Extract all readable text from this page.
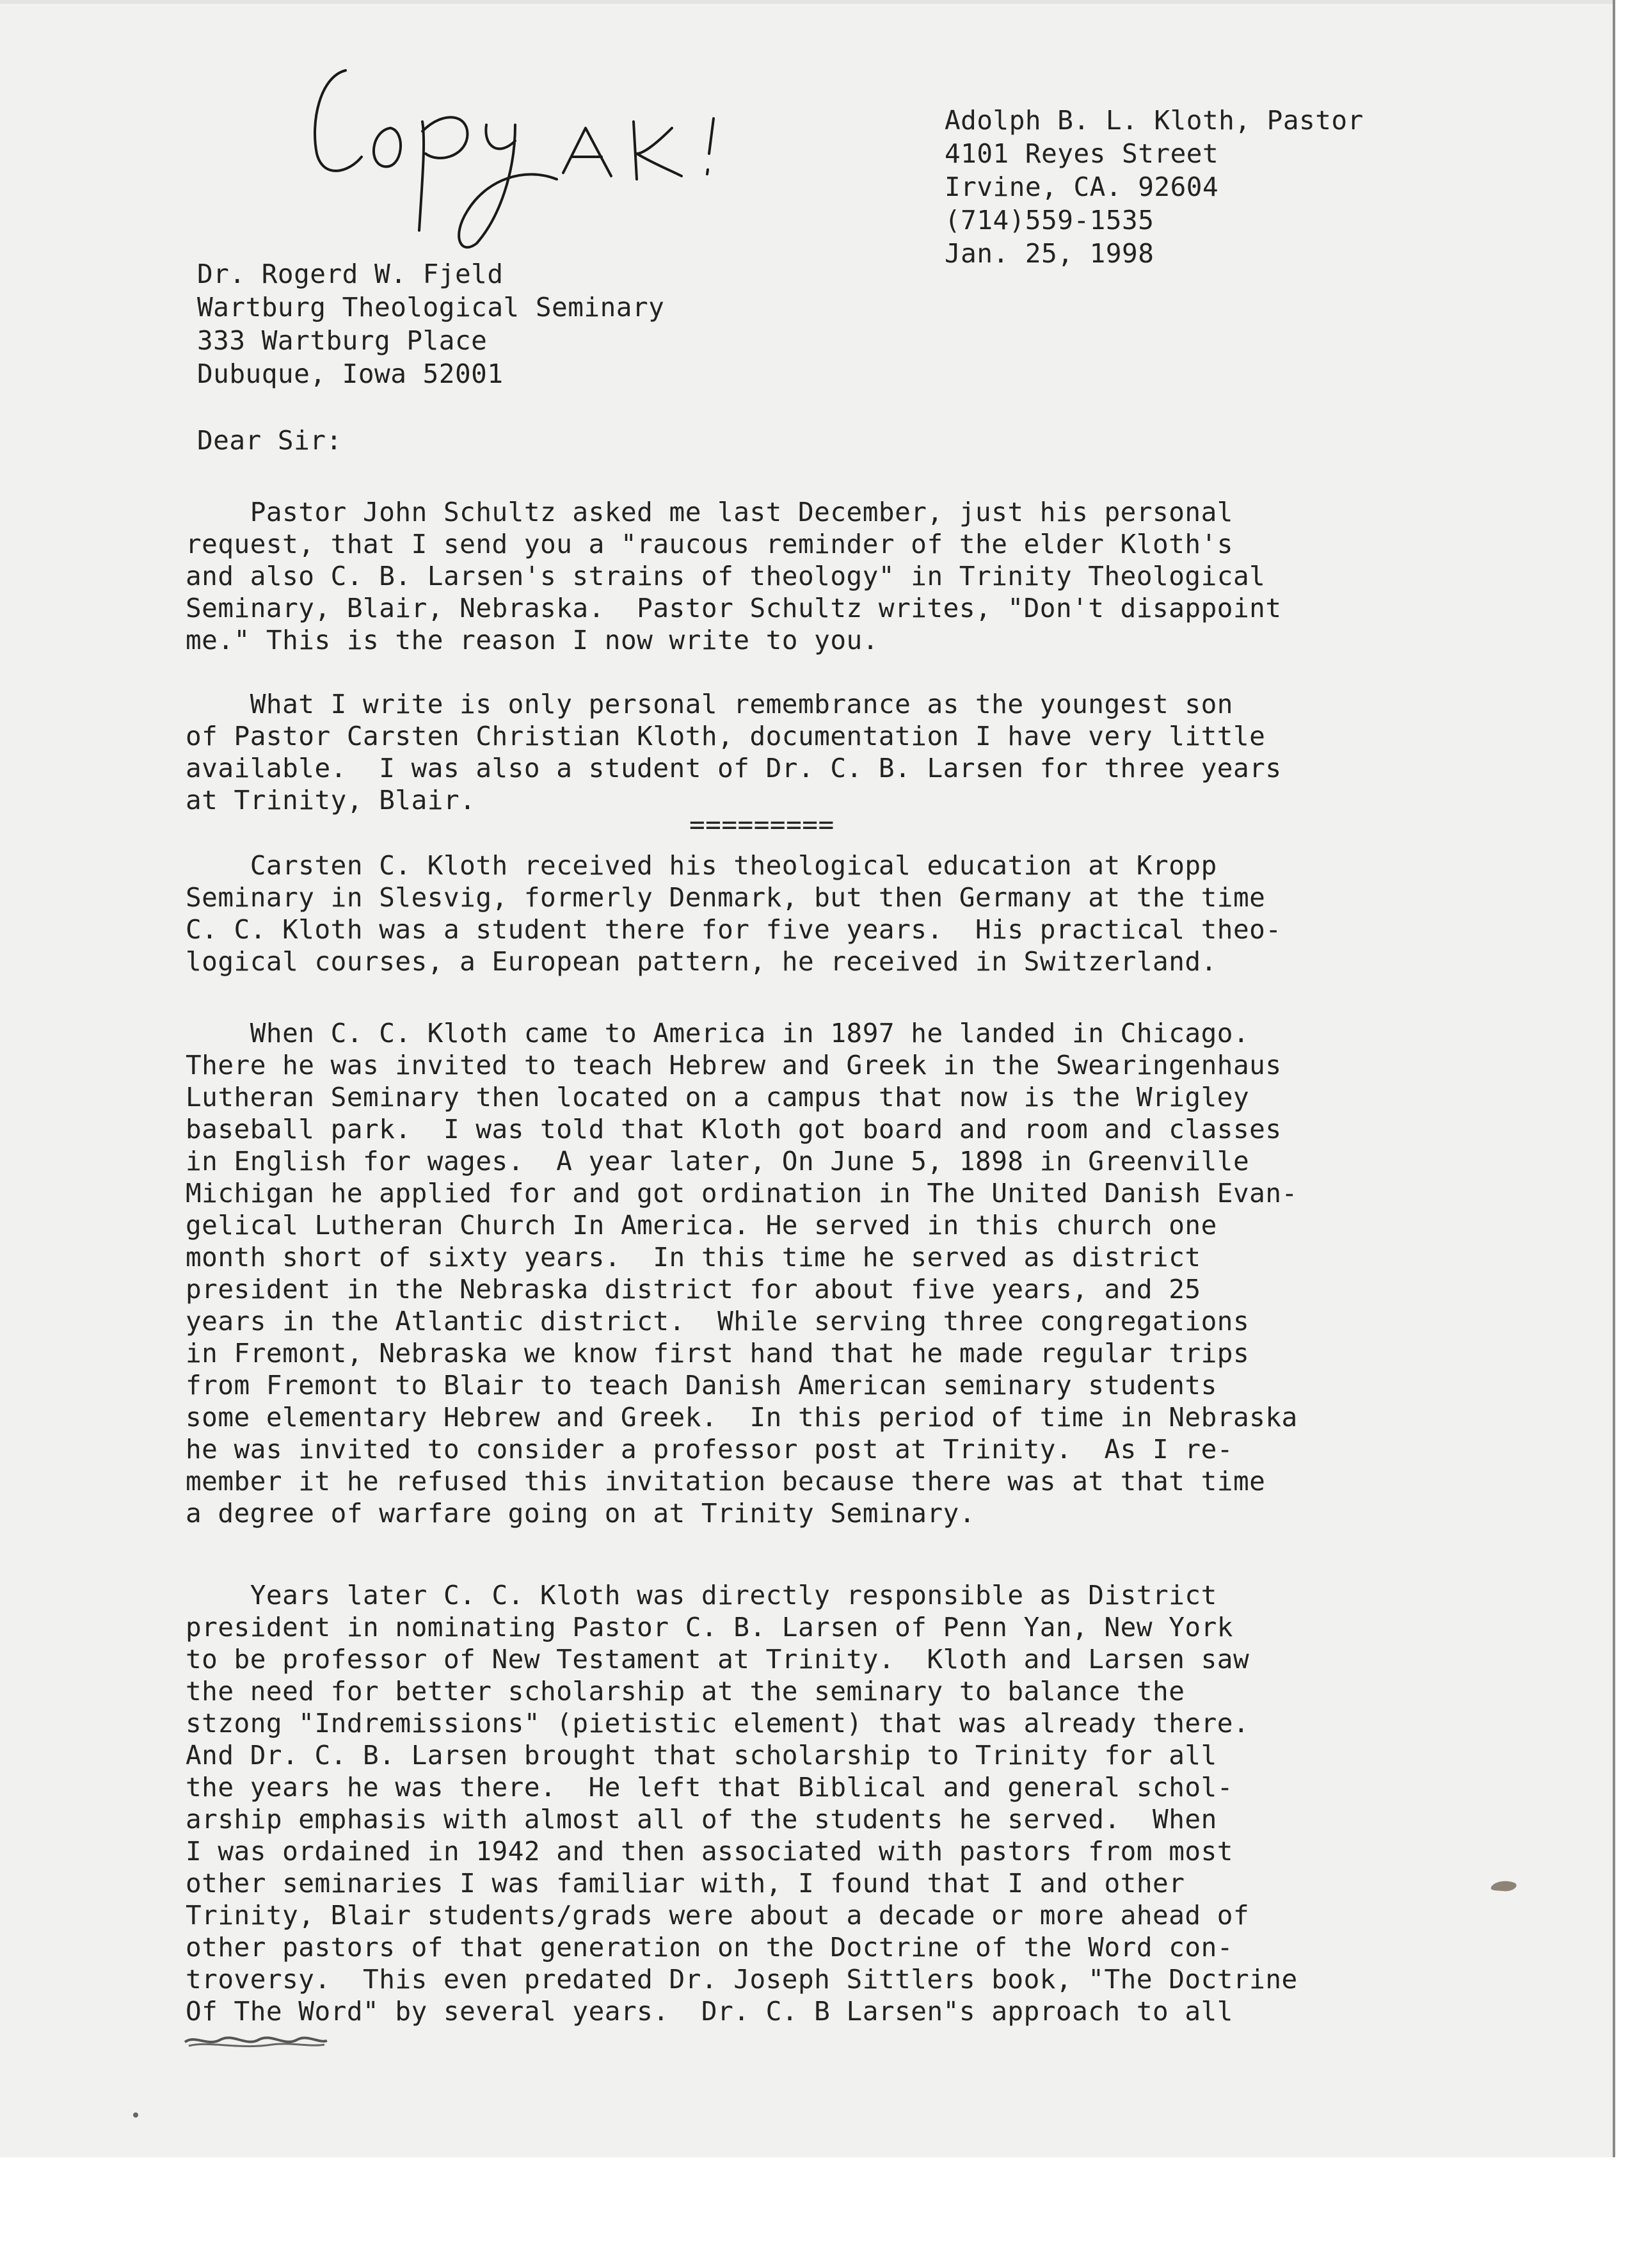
Adolph B. L. Kloth, Pastor

4101 Reyes Street

Irvine, CA. 92604

(714)559-1535

Jan. 25, 1998

Dr. Rogerd W. Fjeld

Wartburg Theological Seminary

333 Wartburg Place

Dubuque, Iowa 52001

Dear Sir:

Pastor John Schultz asked me last December, just his personal

request, that I send you a "raucous reminder of the elder Kloth's

and also C. B. Larsen's strains of theology" in Trinity Theological

Seminary, Blair, Nebraska.  Pastor Schultz writes, "Don't disappoint

me." This is the reason I now write to you.

What I write is only personal remembrance as the youngest son

of Pastor Carsten Christian Kloth, documentation I have very little

available.  I was also a student of Dr. C. B. Larsen for three years

at Trinity, Blair.

Carsten C. Kloth received his theological education at Kropp

Seminary in Slesvig, formerly Denmark, but then Germany at the time

C. C. Kloth was a student there for five years.  His practical theo-

logical courses, a European pattern, he received in Switzerland.

When C. C. Kloth came to America in 1897 he landed in Chicago.

There he was invited to teach Hebrew and Greek in the Swearingenhaus

Lutheran Seminary then located on a campus that now is the Wrigley

baseball park.  I was told that Kloth got board and room and classes

in English for wages.  A year later, On June 5, 1898 in Greenville

Michigan he applied for and got ordination in The United Danish Evan-

gelical Lutheran Church In America. He served in this church one

month short of sixty years.  In this time he served as district

president in the Nebraska district for about five years, and 25

years in the Atlantic district.  While serving three congregations

in Fremont, Nebraska we know first hand that he made regular trips

from Fremont to Blair to teach Danish American seminary students

some elementary Hebrew and Greek.  In this period of time in Nebraska

he was invited to consider a professor post at Trinity.  As I re-

member it he refused this invitation because there was at that time

a degree of warfare going on at Trinity Seminary.

Years later C. C. Kloth was directly responsible as District

president in nominating Pastor C. B. Larsen of Penn Yan, New York

to be professor of New Testament at Trinity.  Kloth and Larsen saw

the need for better scholarship at the seminary to balance the

stzong "Indremissions" (pietistic element) that was already there.

And Dr. C. B. Larsen brought that scholarship to Trinity for all

the years he was there.  He left that Biblical and general schol-

arship emphasis with almost all of the students he served.  When

I was ordained in 1942 and then associated with pastors from most

other seminaries I was familiar with, I found that I and other

Trinity, Blair students/grads were about a decade or more ahead of

other pastors of that generation on the Doctrine of the Word con-

troversy.  This even predated Dr. Joseph Sittlers book, "The Doctrine

Of The Word" by several years.  Dr. C. B Larsen"s approach to all

=========
